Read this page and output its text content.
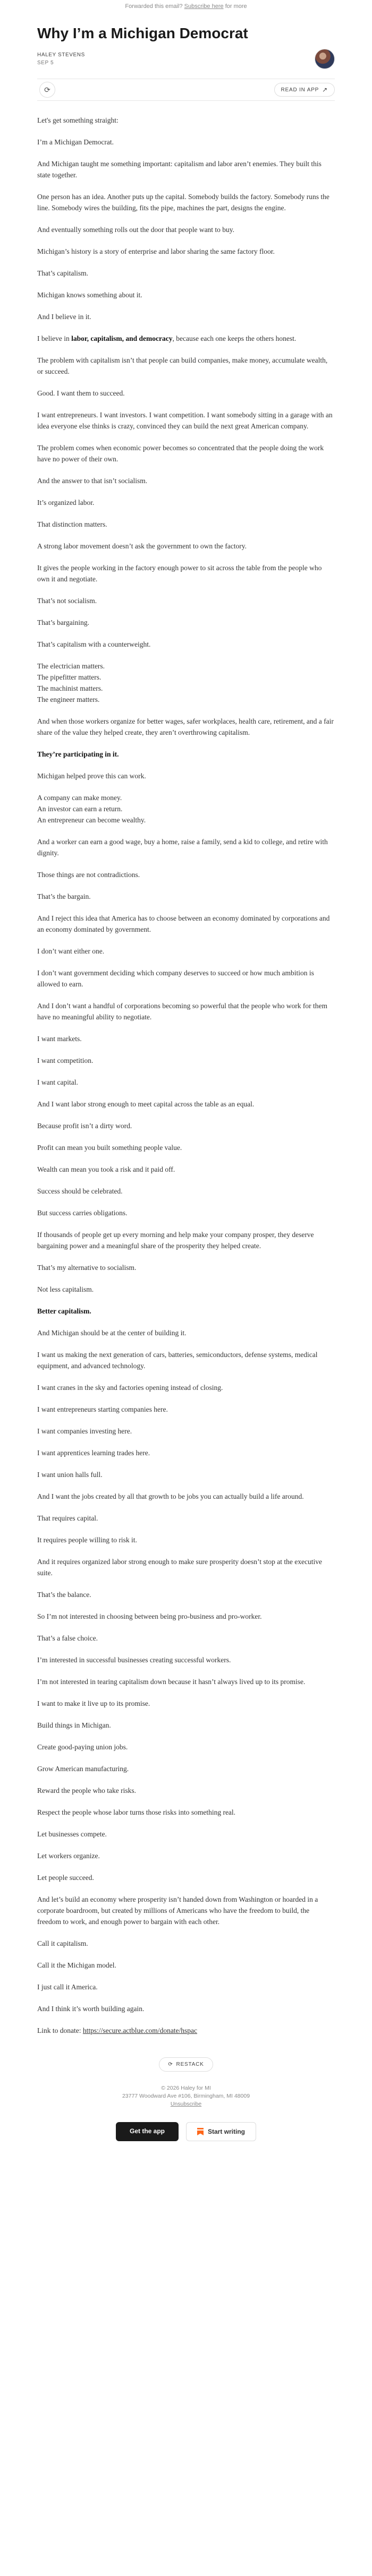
Forwarded this email? Subscribe here for more
Why I’m a Michigan Democrat
HALEY STEVENS
SEP 5
⟳	READ IN APP ↗

Let's get something straight:

I’m a Michigan Democrat.

And Michigan taught me something important: capitalism and labor aren’t enemies. They built this state together.

One person has an idea. Another puts up the capital. Somebody builds the factory. Somebody runs the line. Somebody wires the building, fits the pipe, machines the part, designs the engine.

And eventually something rolls out the door that people want to buy.

Michigan’s history is a story of enterprise and labor sharing the same factory floor.

That’s capitalism.

Michigan knows something about it.

And I believe in it.

I believe in labor, capitalism, and democracy, because each one keeps the others honest.

The problem with capitalism isn’t that people can build companies, make money, accumulate wealth, or succeed.

Good. I want them to succeed.

I want entrepreneurs. I want investors. I want competition. I want somebody sitting in a garage with an idea everyone else thinks is crazy, convinced they can build the next great American company.

The problem comes when economic power becomes so concentrated that the people doing the work have no power of their own.

And the answer to that isn’t socialism.

It’s organized labor.

That distinction matters.

A strong labor movement doesn’t ask the government to own the factory.

It gives the people working in the factory enough power to sit across the table from the people who own it and negotiate.

That’s not socialism.

That’s bargaining.

That’s capitalism with a counterweight.

The electrician matters.

The pipefitter matters.

The machinist matters.

The engineer matters.

And when those workers organize for better wages, safer workplaces, health care, retirement, and a fair share of the value they helped create, they aren’t overthrowing capitalism.

They’re participating in it.

Michigan helped prove this can work.

A company can make money.

An investor can earn a return.

An entrepreneur can become wealthy.

And a worker can earn a good wage, buy a home, raise a family, send a kid to college, and retire with dignity.

Those things are not contradictions.

That’s the bargain.

And I reject this idea that America has to choose between an economy dominated by corporations and an economy dominated by government.

I don’t want either one.

I don’t want government deciding which company deserves to succeed or how much ambition is allowed to earn.

And I don’t want a handful of corporations becoming so powerful that the people who work for them have no meaningful ability to negotiate.

I want markets.

I want competition.

I want capital.

And I want labor strong enough to meet capital across the table as an equal.

Because profit isn’t a dirty word.

Profit can mean you built something people value.

Wealth can mean you took a risk and it paid off.

Success should be celebrated.

But success carries obligations.

If thousands of people get up every morning and help make your company prosper, they deserve bargaining power and a meaningful share of the prosperity they helped create.

That’s my alternative to socialism.

Not less capitalism.

Better capitalism.

And Michigan should be at the center of building it.

I want us making the next generation of cars, batteries, semiconductors, defense systems, medical equipment, and advanced technology.

I want cranes in the sky and factories opening instead of closing.

I want entrepreneurs starting companies here.

I want companies investing here.

I want apprentices learning trades here.

I want union halls full.

And I want the jobs created by all that growth to be jobs you can actually build a life around.

That requires capital.

It requires people willing to risk it.

And it requires organized labor strong enough to make sure prosperity doesn’t stop at the executive suite.

That’s the balance.

So I’m not interested in choosing between being pro-business and pro-worker.

That’s a false choice.

I’m interested in successful businesses creating successful workers.

I’m not interested in tearing capitalism down because it hasn’t always lived up to its promise.

I want to make it live up to its promise.

Build things in Michigan.

Create good-paying union jobs.

Grow American manufacturing.

Reward the people who take risks.

Respect the people whose labor turns those risks into something real.

Let businesses compete.

Let workers organize.

Let people succeed.

And let’s build an economy where prosperity isn’t handed down from Washington or hoarded in a corporate boardroom, but created by millions of Americans who have the freedom to build, the freedom to work, and enough power to bargain with each other.

Call it capitalism.

Call it the Michigan model.

I just call it America.

And I think it’s worth building again.

Link to donate: https://secure.actblue.com/donate/hspac

⟳ RESTACK
© 2026 Haley for MI
23777 Woodward Ave #106, Birmingham, MI 48009
Unsubscribe
Get the app	Start writing
